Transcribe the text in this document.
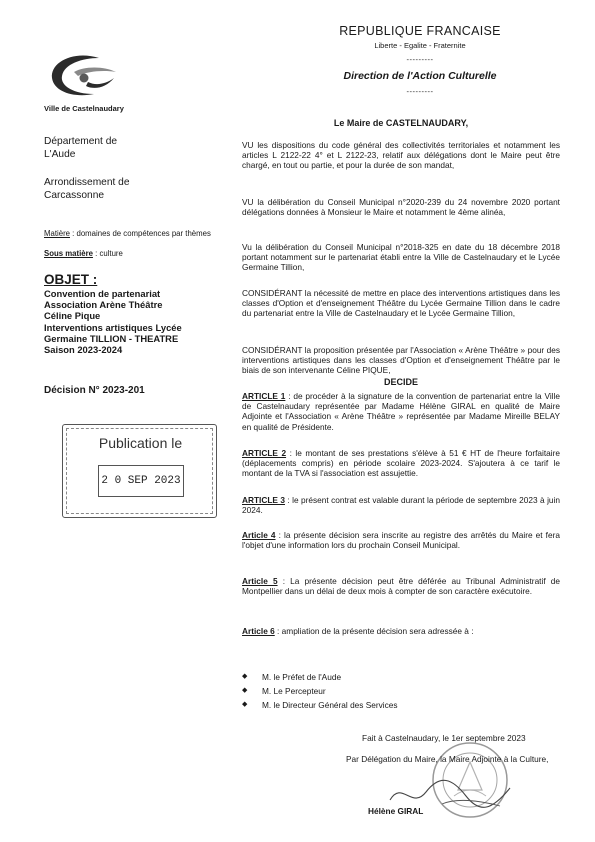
Ville de Castelnaudary
REPUBLIQUE FRANCAISE
Liberte - Egalite - Fraternite
---------
Direction de l'Action Culturelle
---------
Département de
L'Aude
Arrondissement de
Carcassonne
Matière : domaines de compétences par thèmes
Sous matière : culture
OBJET :
Convention de partenariat
Association Arène Théâtre
Céline Pique
Interventions artistiques Lycée
Germaine TILLION - THEATRE
Saison 2023-2024
Décision N° 2023-201
Publication le
2 0 SEP 2023
Le Maire de CASTELNAUDARY,
VU les dispositions du code général des collectivités territoriales et notamment les articles L 2122-22 4° et L 2122-23, relatif aux délégations dont le Maire peut être chargé, en tout ou partie, et pour la durée de son mandat,
VU la délibération du Conseil Municipal n°2020-239 du 24 novembre 2020 portant délégations données à Monsieur le Maire et notamment le 4ème alinéa,
Vu la délibération du Conseil Municipal n°2018-325 en date du 18 décembre 2018 portant notamment sur le partenariat établi entre la Ville de Castelnaudary et le Lycée Germaine Tillion,
CONSIDÉRANT la nécessité de mettre en place des interventions artistiques dans les classes d'Option et d'enseignement Théâtre du Lycée Germaine Tillion dans le cadre du partenariat entre la Ville de Castelnaudary et le Lycée Germaine Tillion,
CONSIDÉRANT la proposition présentée par l'Association « Arène Théâtre » pour des interventions artistiques dans les classes d'Option et d'enseignement Théâtre par le biais de son intervenante Céline PIQUE,
DECIDE
ARTICLE 1 : de procéder à la signature de la convention de partenariat entre la Ville de Castelnaudary représentée par Madame Hélène GIRAL en qualité de Maire Adjointe et l'Association « Arène Théâtre » représentée par Madame Mireille BELAY en qualité de Présidente.
ARTICLE 2 : le montant de ses prestations s'élève à 51 € HT de l'heure forfaitaire (déplacements compris) en période scolaire 2023-2024. S'ajoutera à ce tarif le montant de la TVA si l'association est assujettie.
ARTICLE 3 : le présent contrat est valable durant la période de septembre 2023 à juin 2024.
Article 4 : la présente décision sera inscrite au registre des arrêtés du Maire et fera l'objet d'une information lors du prochain Conseil Municipal.
Article 5 : La présente décision peut être déférée au Tribunal Administratif de Montpellier dans un délai de deux mois à compter de son caractère exécutoire.
Article 6 : ampliation de la présente décision sera adressée à :
◆	M. le Préfet de l'Aude
◆	M. Le Percepteur
◆	M. le Directeur Général des Services
Fait à Castelnaudary, le 1er septembre 2023
Par Délégation du Maire, la Maire Adjointe à la Culture,
Hélène GIRAL
